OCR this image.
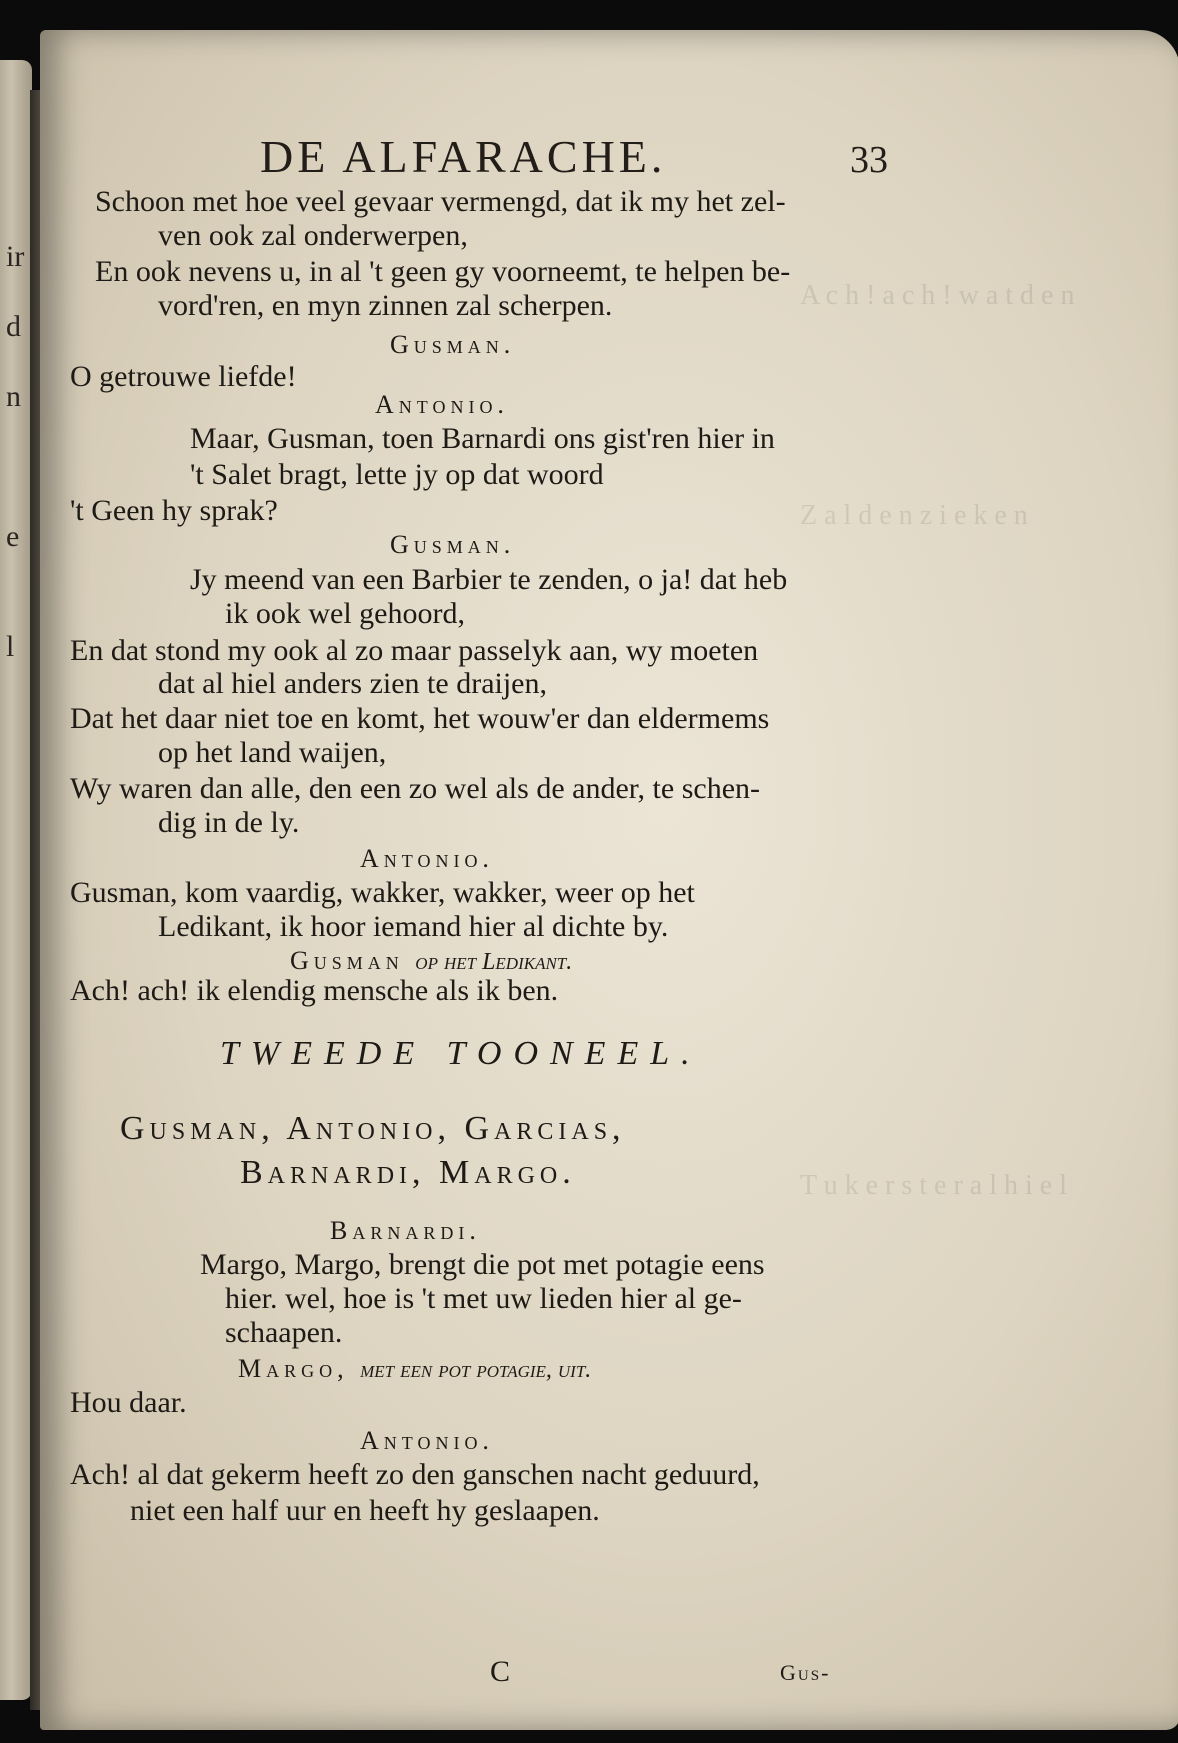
ir
d
n
e
l
A c h ! a c h ! w a t d e n
Z a l d e n z i e k e n
T u k e r s t e r a l h i e l
DE ALFARACHE.	33
Schoon met hoe veel gevaar vermengd, dat ik my het zel-
ven ook zal onderwerpen,
En ook nevens u, in al 't geen gy voorneemt, te helpen be-
vord'ren, en myn zinnen zal scherpen.
Gusman.
O getrouwe liefde!
Antonio.
Maar, Gusman, toen Barnardi ons gist'ren hier in
't Salet bragt, lette jy op dat woord
't Geen hy sprak?
Gusman.
Jy meend van een Barbier te zenden, o ja! dat heb
ik ook wel gehoord,
En dat stond my ook al zo maar passelyk aan, wy moeten
dat al hiel anders zien te draijen,
Dat het daar niet toe en komt, het wouw'er dan eldermems
op het land waijen,
Wy waren dan alle, den een zo wel als de ander, te schen-
dig in de ly.
Antonio.
Gusman, kom vaardig, wakker, wakker, weer op het
Ledikant, ik hoor iemand hier al dichte by.
Gusman op het Ledikant.
Ach! ach! ik elendig mensche als ik ben.
TWEEDE TOONEEL.
Gusman, Antonio, Garcias,
Barnardi, Margo.
Barnardi.
Margo, Margo, brengt die pot met potagie eens
hier. wel, hoe is 't met uw lieden hier al ge-
schaapen.
Margo, met een pot potagie, uit.
Hou daar.
Antonio.
Ach! al dat gekerm heeft zo den ganschen nacht geduurd,
niet een half uur en heeft hy geslaapen.
C	Gus-
